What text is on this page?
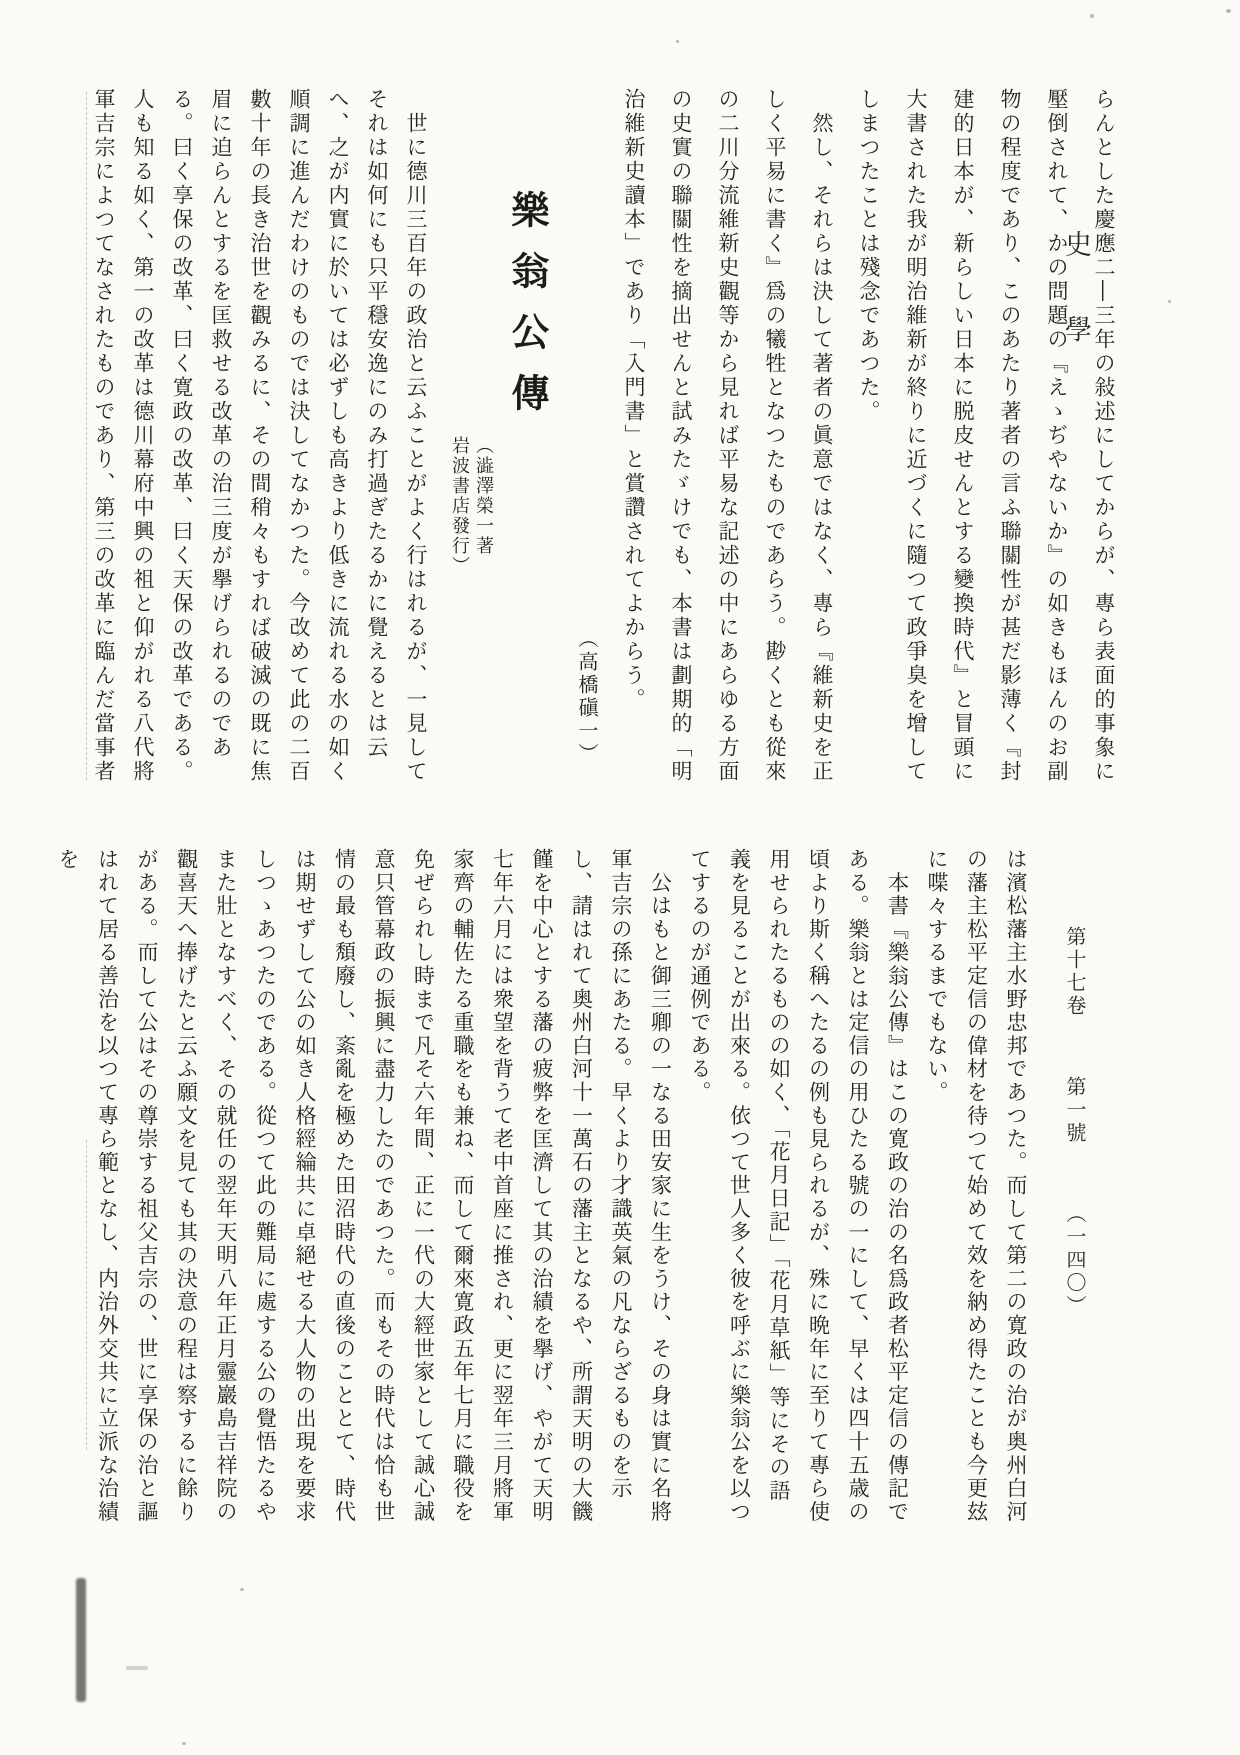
史學 らんとした慶應二―三年の敍述にしてからが、專ら表面的事象に壓倒されて、かの問題の『えゝぢやないか』の如きもほんのお副物の程度であり、このあたり著者の言ふ聯關性が甚だ影薄く『封建的日本が、新らしい日本に脱皮せんとする變換時代』と冒頭に大書された我が明治維新が終りに近づくに隨つて政爭臭を增してしまつたことは殘念であつた。

　然し、それらは決して著者の眞意ではなく、專ら『維新史を正しく平易に書く』爲の犧牲となつたものであらう。尠くとも從來の二川分流維新史觀等から見れば平易な記述の中にあらゆる方面の史實の聯關性を摘出せんと試みたゞけでも、本書は劃期的「明治維新史讀本」であり「入門書」と賞讚されてよからう。

（高橋磌一）

樂翁公傳
（澁澤榮一著
岩波書店發行）

　世に德川三百年の政治と云ふことがよく行はれるが、一見してそれは如何にも只平穩安逸にのみ打過ぎたるかに覺えるとは云へ、之が内實に於いては必ずしも高きより低きに流れる水の如く順調に進んだわけのものでは決してなかつた。今改めて此の二百數十年の長き治世を觀みるに、その間稍々もすれば破滅の既に焦眉に迫らんとするを匡救せる改革の治三度が擧げられるのである。曰く享保の改革、曰く寛政の改革、曰く天保の改革である。人も知る如く、第一の改革は德川幕府中興の祖と仰がれる八代將軍吉宗によつてなされたものであり、第三の改革に臨んだ當事者

第十七卷第一號（一四〇）

は濱松藩主水野忠邦であつた。而して第二の寛政の治が奥州白河の藩主松平定信の偉材を待つて始めて效を納め得たことも今更玆に喋々するまでもない。

　本書『樂翁公傳』はこの寛政の治の名爲政者松平定信の傳記である。樂翁とは定信の用ひたる號の一にして、早くは四十五歳の頃より斯く稱へたるの例も見られるが、殊に晩年に至りて專ら使用せられたるものの如く、「花月日記」「花月草紙」等にその語義を見ることが出來る。依つて世人多く彼を呼ぶに樂翁公を以つてするのが通例である。

　公はもと御三卿の一なる田安家に生をうけ、その身は實に名將軍吉宗の孫にあたる。早くより才識英氣の凡ならざるものを示し、請はれて奥州白河十一萬石の藩主となるや、所謂天明の大饑饉を中心とする藩の疲弊を匡濟して其の治績を擧げ、やがて天明七年六月には衆望を背うて老中首座に推され、更に翌年三月將軍家齊の輔佐たる重職をも兼ね、而して爾來寛政五年七月に職役を免ぜられし時まで凡そ六年間、正に一代の大經世家として誠心誠意只管幕政の振興に盡力したのであつた。而もその時代は恰も世情の最も頽廢し、紊亂を極めた田沼時代の直後のこととて、時代は期せずして公の如き人格經綸共に卓絕せる大人物の出現を要求しつゝあつたのである。從つて此の難局に處する公の覺悟たるやまた壯となすべく、その就任の翌年天明八年正月靈巖島吉祥院の觀喜天へ捧げたと云ふ願文を見ても其の決意の程は察するに餘りがある。而して公はその尊崇する祖父吉宗の、世に享保の治と謳はれて居る善治を以つて專ら範となし、内治外交共に立派な治績を
